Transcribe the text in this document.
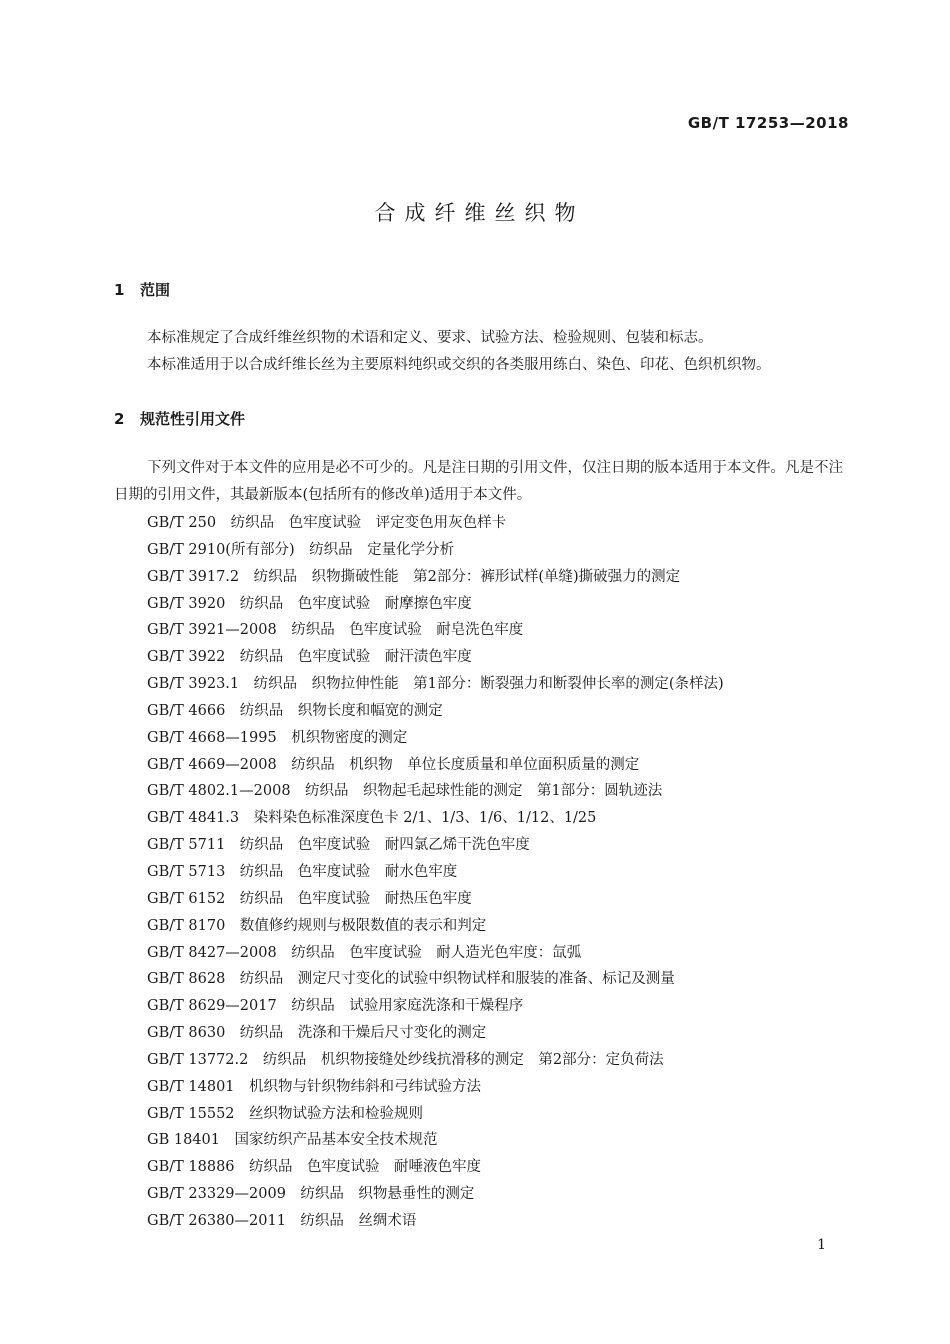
GB/T 17253—2018
合成纤维丝织物
1 范围
本标准规定了合成纤维丝织物的术语和定义、要求、试验方法、检验规则、包装和标志。
本标准适用于以合成纤维长丝为主要原料纯织或交织的各类服用练白、染色、印花、色织机织物。
2 规范性引用文件
下列文件对于本文件的应用是必不可少的。凡是注日期的引用文件，仅注日期的版本适用于本文件。凡是不注日期的引用文件，其最新版本(包括所有的修改单)适用于本文件。
GB/T 250　纺织品　色牢度试验　评定变色用灰色样卡
GB/T 2910(所有部分)　纺织品　定量化学分析
GB/T 3917.2　纺织品　织物撕破性能　第2部分：裤形试样(单缝)撕破强力的测定
GB/T 3920　纺织品　色牢度试验　耐摩擦色牢度
GB/T 3921—2008　纺织品　色牢度试验　耐皂洗色牢度
GB/T 3922　纺织品　色牢度试验　耐汗渍色牢度
GB/T 3923.1　纺织品　织物拉伸性能　第1部分：断裂强力和断裂伸长率的测定(条样法)
GB/T 4666　纺织品　织物长度和幅宽的测定
GB/T 4668—1995　机织物密度的测定
GB/T 4669—2008　纺织品　机织物　单位长度质量和单位面积质量的测定
GB/T 4802.1—2008　纺织品　织物起毛起球性能的测定　第1部分：圆轨迹法
GB/T 4841.3　染料染色标准深度色卡 2/1、1/3、1/6、1/12、1/25
GB/T 5711　纺织品　色牢度试验　耐四氯乙烯干洗色牢度
GB/T 5713　纺织品　色牢度试验　耐水色牢度
GB/T 6152　纺织品　色牢度试验　耐热压色牢度
GB/T 8170　数值修约规则与极限数值的表示和判定
GB/T 8427—2008　纺织品　色牢度试验　耐人造光色牢度：氙弧
GB/T 8628　纺织品　测定尺寸变化的试验中织物试样和服装的准备、标记及测量
GB/T 8629—2017　纺织品　试验用家庭洗涤和干燥程序
GB/T 8630　纺织品　洗涤和干燥后尺寸变化的测定
GB/T 13772.2　纺织品　机织物接缝处纱线抗滑移的测定　第2部分：定负荷法
GB/T 14801　机织物与针织物纬斜和弓纬试验方法
GB/T 15552　丝织物试验方法和检验规则
GB 18401　国家纺织产品基本安全技术规范
GB/T 18886　纺织品　色牢度试验　耐唾液色牢度
GB/T 23329—2009　纺织品　织物悬垂性的测定
GB/T 26380—2011　纺织品　丝绸术语
1
